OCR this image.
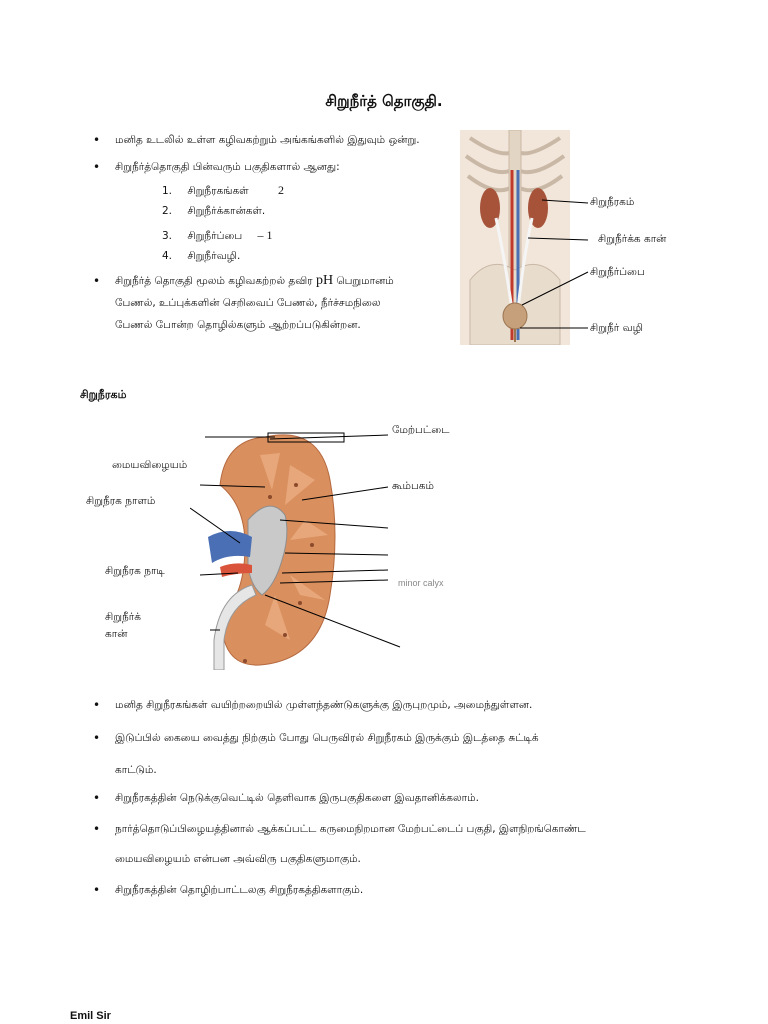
சிறுநீர்த் தொகுதி.
• மனித உடலில் உள்ள கழிவகற்றும் அங்கங்களில் இதுவும் ஒன்று.
• சிறுநீர்த்தொகுதி பின்வரும் பகுதிகளால் ஆனது:
1. சிறுநீரகங்கள் 2
2. சிறுநீர்க்கான்கள்.
3. சிறுநீர்ப்பை – 1
4. சிறுநீர்வழி.
• சிறுநீர்த் தொகுதி மூலம் கழிவகற்றல் தவிர pH பெறுமானம்
பேணல், உப்புக்களின் செறிவைப் பேணல், நீர்ச்சமநிலை
பேணல் போன்ற தொழில்களும் ஆற்றப்படுகின்றன.
சிறுநீரகம்
சிறுநீர்க்க கான்
சிறுநீர்ப்பை
சிறுநீர் வழி
சிறுநீரகம்
மேற்பட்டை
மையவிழையம்
கூம்பகம்
சிறுநீரக நாளம்
சிறுநீரக நாடி
minor calyx
சிறுநீர்க்
கான்
• மனித சிறுநீரகங்கள் வயிற்றறையில் முள்ளந்தண்டுகளுக்கு இருபுறமும், அமைந்துள்ளன.
• இடுப்பில் கையை வைத்து நிற்கும் போது பெருவிரல் சிறுநீரகம் இருக்கும் இடத்தை சுட்டிக்
காட்டும்.
• சிறுநீரகத்தின் நெடுக்குவெட்டில் தெளிவாக இருபகுதிகளை இவதானிக்கலாம்.
• நார்த்தொடுப்பிழையத்தினால் ஆக்கப்பட்ட கருமைநிறமான மேற்பட்டைப் பகுதி, இளநிறங்கொண்ட
மையவிழையம் என்பன அவ்விரு பகுதிகளுமாகும்.
• சிறுநீரகத்தின் தொழிற்பாட்டலகு சிறுநீரகத்திகளாகும்.
Emil Sir
